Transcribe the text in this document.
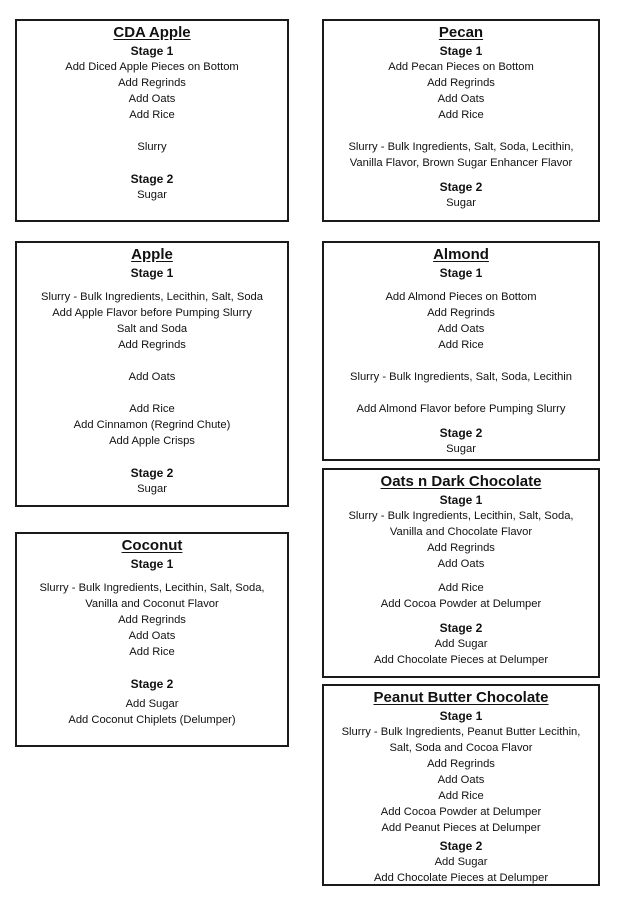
CDA Apple
Stage 1
Add Diced Apple Pieces on Bottom
Add Regrinds
Add Oats
Add Rice
Slurry
Stage 2
Sugar
Pecan
Stage 1
Add Pecan Pieces on Bottom
Add Regrinds
Add Oats
Add Rice
Slurry - Bulk Ingredients, Salt, Soda, Lecithin,
Vanilla Flavor, Brown Sugar Enhancer Flavor
Stage 2
Sugar
Apple
Stage 1
Slurry - Bulk Ingredients, Lecithin, Salt, Soda
Add Apple Flavor before Pumping Slurry
Salt and Soda
Add Regrinds
Add Oats
Add Rice
Add Cinnamon (Regrind Chute)
Add Apple Crisps
Stage 2
Sugar
Almond
Stage 1
Add Almond Pieces on Bottom
Add Regrinds
Add Oats
Add Rice
Slurry - Bulk Ingredients, Salt, Soda, Lecithin
Add Almond Flavor before Pumping Slurry
Stage 2
Sugar
Coconut
Stage 1
Slurry - Bulk Ingredients, Lecithin, Salt, Soda,
Vanilla and Coconut Flavor
Add Regrinds
Add Oats
Add Rice
Stage 2
Add Sugar
Add Coconut Chiplets (Delumper)
Oats n Dark Chocolate
Stage 1
Slurry - Bulk Ingredients, Lecithin, Salt, Soda,
Vanilla and Chocolate Flavor
Add Regrinds
Add Oats
Add Rice
Add Cocoa Powder at Delumper
Stage 2
Add Sugar
Add Chocolate Pieces at Delumper
Peanut Butter Chocolate
Stage 1
Slurry - Bulk Ingredients, Peanut Butter Lecithin,
Salt, Soda and Cocoa Flavor
Add Regrinds
Add Oats
Add Rice
Add Cocoa Powder at Delumper
Add Peanut Pieces at Delumper
Stage 2
Add Sugar
Add Chocolate Pieces at Delumper
